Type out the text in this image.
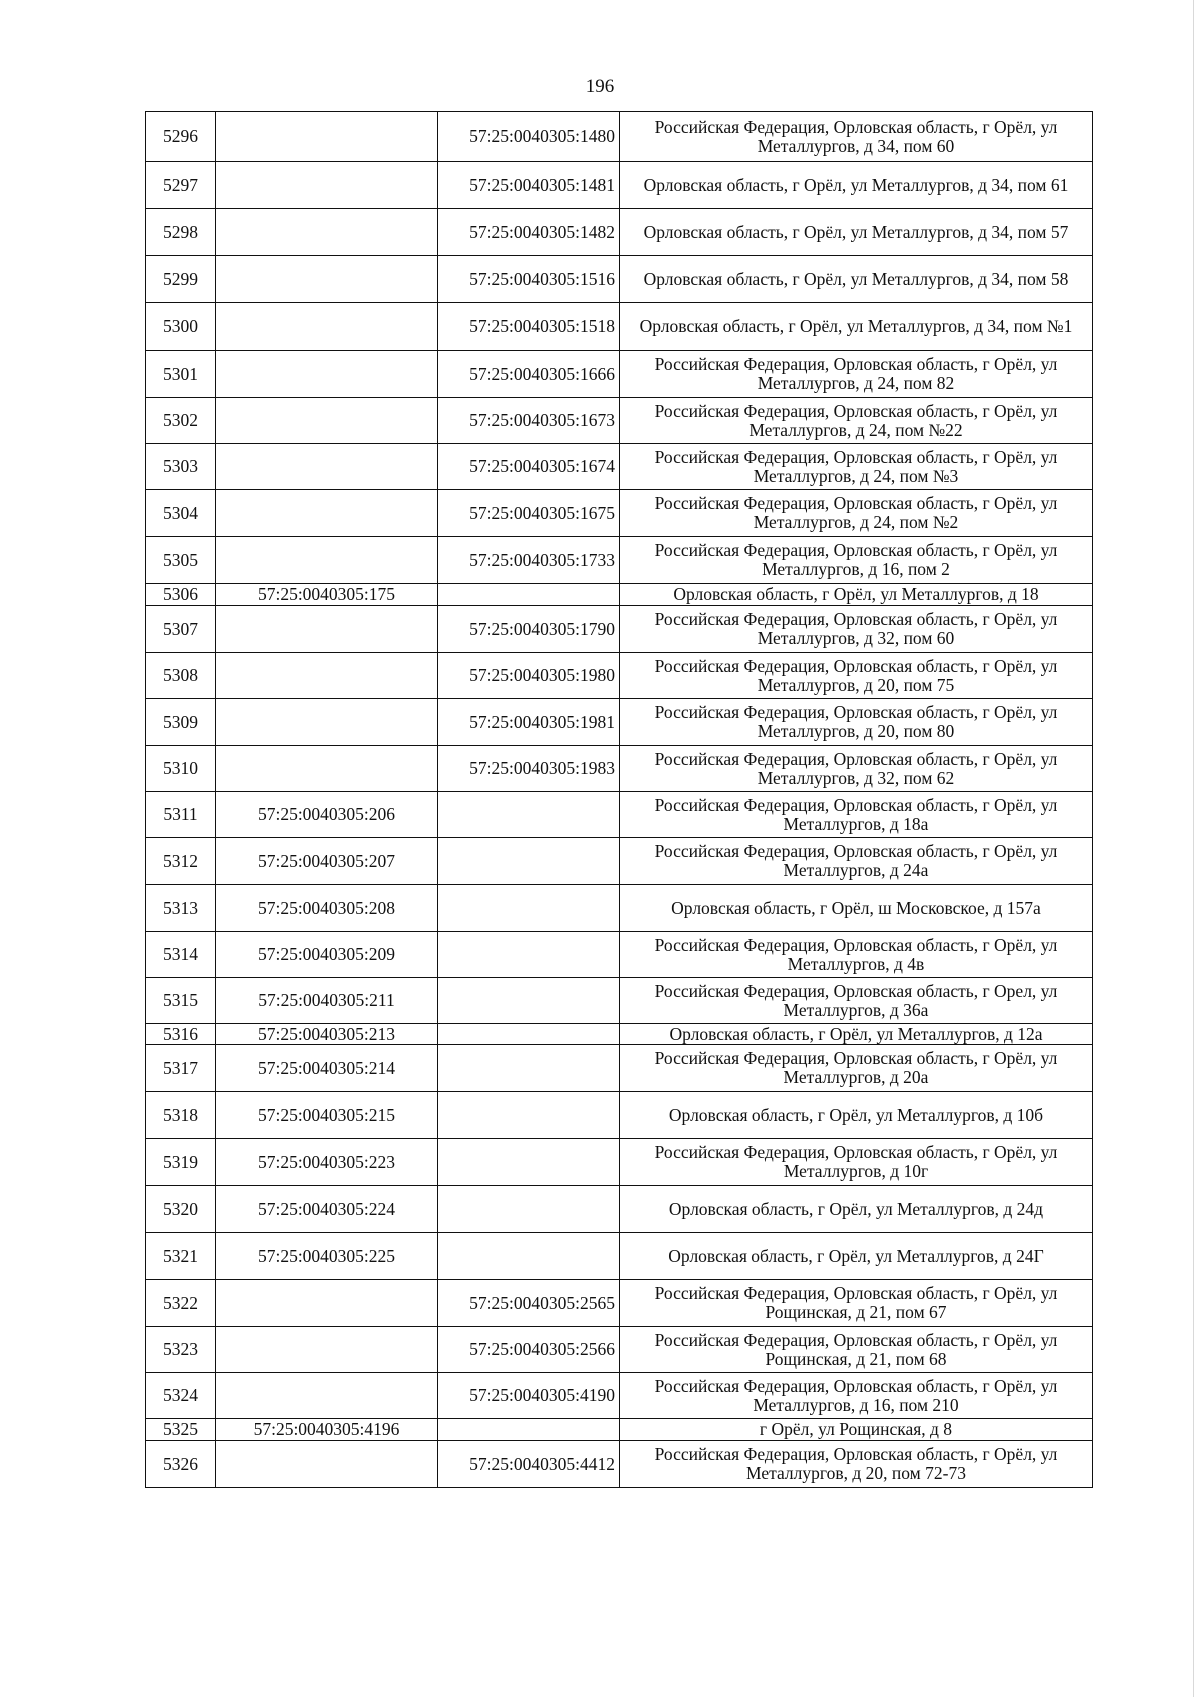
196
5296		57:25:0040305:1480	Российская Федерация, Орловская область, г Орёл, ул Металлургов, д 34, пом 60
5297		57:25:0040305:1481	Орловская область, г Орёл, ул Металлургов, д 34, пом 61
5298		57:25:0040305:1482	Орловская область, г Орёл, ул Металлургов, д 34, пом 57
5299		57:25:0040305:1516	Орловская область, г Орёл, ул Металлургов, д 34, пом 58
5300		57:25:0040305:1518	Орловская область, г Орёл, ул Металлургов, д 34, пом №1
5301		57:25:0040305:1666	Российская Федерация, Орловская область, г Орёл, ул Металлургов, д 24, пом 82
5302		57:25:0040305:1673	Российская Федерация, Орловская область, г Орёл, ул Металлургов, д 24, пом №22
5303		57:25:0040305:1674	Российская Федерация, Орловская область, г Орёл, ул Металлургов, д 24, пом №3
5304		57:25:0040305:1675	Российская Федерация, Орловская область, г Орёл, ул Металлургов, д 24, пом №2
5305		57:25:0040305:1733	Российская Федерация, Орловская область, г Орёл, ул Металлургов, д 16, пом 2
5306	57:25:0040305:175		Орловская область, г Орёл, ул Металлургов, д 18
5307		57:25:0040305:1790	Российская Федерация, Орловская область, г Орёл, ул Металлургов, д 32, пом 60
5308		57:25:0040305:1980	Российская Федерация, Орловская область, г Орёл, ул Металлургов, д 20, пом 75
5309		57:25:0040305:1981	Российская Федерация, Орловская область, г Орёл, ул Металлургов, д 20, пом 80
5310		57:25:0040305:1983	Российская Федерация, Орловская область, г Орёл, ул Металлургов, д 32, пом 62
5311	57:25:0040305:206		Российская Федерация, Орловская область, г Орёл, ул Металлургов, д 18а
5312	57:25:0040305:207		Российская Федерация, Орловская область, г Орёл, ул Металлургов, д 24а
5313	57:25:0040305:208		Орловская область, г Орёл, ш Московское, д 157а
5314	57:25:0040305:209		Российская Федерация, Орловская область, г Орёл, ул Металлургов, д 4в
5315	57:25:0040305:211		Российская Федерация, Орловская область, г Орел, ул Металлургов, д 36а
5316	57:25:0040305:213		Орловская область, г Орёл, ул Металлургов, д 12а
5317	57:25:0040305:214		Российская Федерация, Орловская область, г Орёл, ул Металлургов, д 20а
5318	57:25:0040305:215		Орловская область, г Орёл, ул Металлургов, д 10б
5319	57:25:0040305:223		Российская Федерация, Орловская область, г Орёл, ул Металлургов, д 10г
5320	57:25:0040305:224		Орловская область, г Орёл, ул Металлургов, д 24д
5321	57:25:0040305:225		Орловская область, г Орёл, ул Металлургов, д 24Г
5322		57:25:0040305:2565	Российская Федерация, Орловская область, г Орёл, ул Рощинская, д 21, пом 67
5323		57:25:0040305:2566	Российская Федерация, Орловская область, г Орёл, ул Рощинская, д 21, пом 68
5324		57:25:0040305:4190	Российская Федерация, Орловская область, г Орёл, ул Металлургов, д 16, пом 210
5325	57:25:0040305:4196		г Орёл, ул Рощинская, д 8
5326		57:25:0040305:4412	Российская Федерация, Орловская область, г Орёл, ул Металлургов, д 20, пом 72-73
